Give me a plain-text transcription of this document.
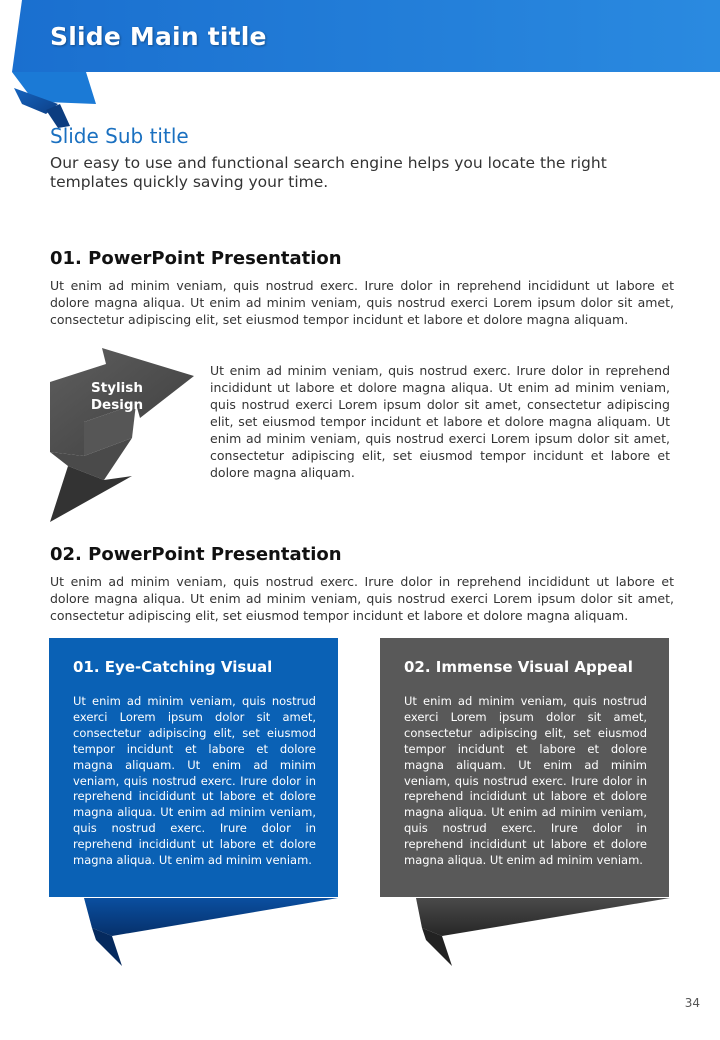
Slide Main title
Slide Sub title
Our easy to use and functional search engine helps you locate the right templates quickly saving your time.
01. PowerPoint Presentation
Ut enim ad minim veniam, quis nostrud exerc. Irure dolor in reprehend incididunt ut labore et dolore magna aliqua. Ut enim ad minim veniam, quis nostrud exerci Lorem ipsum dolor sit amet, consectetur adipiscing elit, set eiusmod tempor incidunt et labore et dolore magna aliquam.
Stylish
Design
Ut enim ad minim veniam, quis nostrud exerc. Irure dolor in reprehend incididunt ut labore et dolore magna aliqua. Ut enim ad minim veniam, quis nostrud exerci Lorem ipsum dolor sit amet, consectetur adipiscing elit, set eiusmod tempor incidunt et labore et dolore magna aliquam. Ut enim ad minim veniam, quis nostrud exerci Lorem ipsum dolor sit amet, consectetur adipiscing elit, set eiusmod tempor incidunt et labore et dolore magna aliquam.
02. PowerPoint Presentation
Ut enim ad minim veniam, quis nostrud exerc. Irure dolor in reprehend incididunt ut labore et dolore magna aliqua. Ut enim ad minim veniam, quis nostrud exerci Lorem ipsum dolor sit amet, consectetur adipiscing elit, set eiusmod tempor incidunt et labore et dolore magna aliquam.
01. Eye-Catching Visual
Ut enim ad minim veniam, quis nostrud exerci Lorem ipsum dolor sit amet, consectetur adipiscing elit, set eiusmod tempor incidunt et labore et dolore magna aliquam. Ut enim ad minim veniam, quis nostrud exerc. Irure dolor in reprehend incididunt ut labore et dolore magna aliqua. Ut enim ad minim veniam, quis nostrud exerc. Irure dolor in reprehend incididunt ut labore et dolore magna aliqua. Ut enim ad minim veniam.
02. Immense Visual Appeal
Ut enim ad minim veniam, quis nostrud exerci Lorem ipsum dolor sit amet, consectetur adipiscing elit, set eiusmod tempor incidunt et labore et dolore magna aliquam. Ut enim ad minim veniam, quis nostrud exerc. Irure dolor in reprehend incididunt ut labore et dolore magna aliqua. Ut enim ad minim veniam, quis nostrud exerc. Irure dolor in reprehend incididunt ut labore et dolore magna aliqua. Ut enim ad minim veniam.
34
